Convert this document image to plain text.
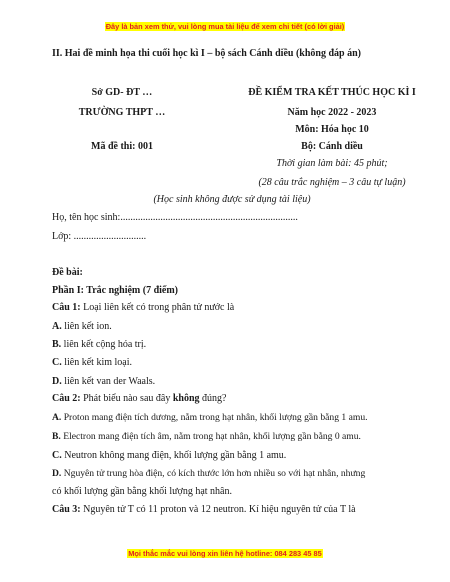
Đây là bản xem thử, vui lòng mua tài liệu để xem chi tiết (có lời giải)
II. Hai đề minh họa thi cuối học kì I – bộ sách Cánh diều (không đáp án)
Sở GD- ĐT …
TRƯỜNG THPT …
Mã đề thi: 001
ĐỀ KIỂM TRA KẾT THÚC HỌC KÌ I
Năm học 2022 - 2023
Môn: Hóa học 10
Bộ: Cánh diều
Thời gian làm bài: 45 phút;
(28 câu trắc nghiệm – 3 câu tự luận)
(Học sinh không được sử dụng tài liệu)
Họ, tên học sinh:.......................................................................
Lớp: .............................
Đề bài:
Phần I: Trắc nghiệm (7 điểm)
Câu 1: Loại liên kết có trong phân tử nước là
A. liên kết ion.
B. liên kết cộng hóa trị.
C. liên kết kim loại.
D. liên kết van der Waals.
Câu 2: Phát biểu nào sau đây không đúng?
A. Proton mang điện tích dương, nằm trong hạt nhân, khối lượng gần bằng 1 amu.
B. Electron mang điện tích âm, nằm trong hạt nhân, khối lượng gần bằng 0 amu.
C. Neutron không mang điện, khối lượng gần bằng 1 amu.
D. Nguyên tử trung hòa điện, có kích thước lớn hơn nhiều so với hạt nhân, nhưng
có khối lượng gần bằng khối lượng hạt nhân.
Câu 3: Nguyên tử T có 11 proton và 12 neutron. Kí hiệu nguyên tử của T là
Mọi thắc mắc vui lòng xin liên hệ hotline: 084 283 45 85
